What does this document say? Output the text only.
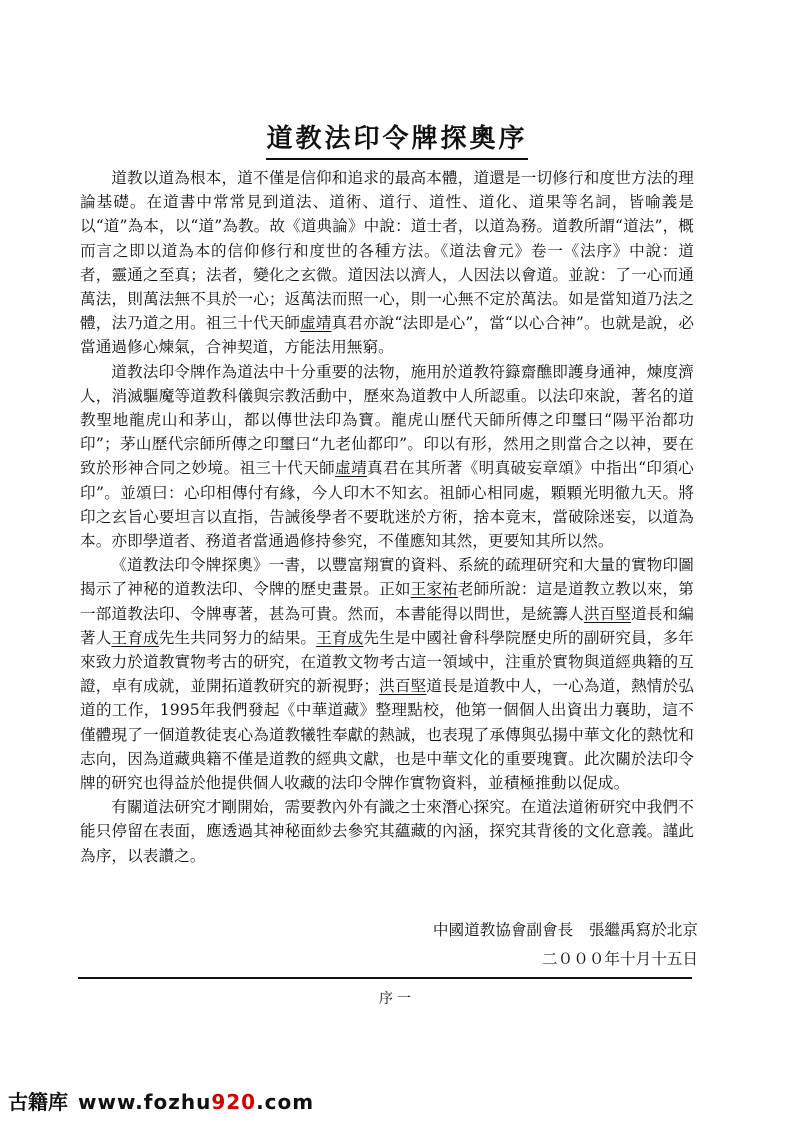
道教法印令牌探奧序

道教以道為根本，道不僅是信仰和追求的最高本體，道還是一切修行和度世方法的理論基礎。在道書中常常見到道法、道術、道行、道性、道化、道果等名詞，皆喻義是以“道”為本，以“道”為教。故《道典論》中說：道士者，以道為務。道教所謂“道法”，概而言之即以道為本的信仰修行和度世的各種方法。《道法會元》卷一《法序》中說：道者，靈通之至真；法者，變化之玄微。道因法以濟人，人因法以會道。並說：了一心而通萬法，則萬法無不具於一心；返萬法而照一心，則一心無不定於萬法。如是當知道乃法之體，法乃道之用。祖三十代天師虛靖真君亦說“法即是心”，當“以心合神”。也就是說，必當通過修心煉氣，合神契道，方能法用無窮。

道教法印令牌作為道法中十分重要的法物，施用於道教符籙齋醮即護身通神，煉度濟人，消滅驅魔等道教科儀與宗教活動中，歷來為道教中人所認重。以法印來說，著名的道教聖地龍虎山和茅山，都以傳世法印為寶。龍虎山歷代天師所傳之印璽曰“陽平治都功印”；茅山歷代宗師所傳之印璽曰“九老仙都印”。印以有形，然用之則當合之以神，要在致於形神合同之妙境。祖三十代天師虛靖真君在其所著《明真破妄章頌》中指出“印須心印”。並頌曰：心印相傳付有緣，今人印木不知玄。祖師心相同處，顆顆光明徹九天。將印之玄旨心要坦言以直指，告誡後學者不要耽迷於方術，捨本竟末，當破除迷妄，以道為本。亦即學道者、務道者當通過修持參究，不僅應知其然，更要知其所以然。

《道教法印令牌探奧》一書，以豐富翔實的資料、系統的疏理研究和大量的實物印圖揭示了神秘的道教法印、令牌的歷史畫景。正如王家祐老師所說：這是道教立教以來，第一部道教法印、令牌專著，甚為可貴。然而，本書能得以問世，是統籌人洪百堅道長和編著人王育成先生共同努力的結果。王育成先生是中國社會科學院歷史所的副研究員，多年來致力於道教實物考古的研究，在道教文物考古這一領域中，注重於實物與道經典籍的互證，卓有成就，並開拓道教研究的新視野；洪百堅道長是道教中人，一心為道，熱情於弘道的工作，1995年我們發起《中華道藏》整理點校，他第一個個人出資出力襄助，這不僅體現了一個道教徒衷心為道教犧牲奉獻的熱誠，也表現了承傳與弘揚中華文化的熱忱和志向，因為道藏典籍不僅是道教的經典文獻，也是中華文化的重要瑰寶。此次關於法印令牌的研究也得益於他提供個人收藏的法印令牌作實物資料，並積極推動以促成。

有關道法研究才剛開始，需要教內外有識之士來潛心探究。在道法道術研究中我們不能只停留在表面，應透過其神秘面紗去參究其蘊藏的內涵，探究其背後的文化意義。謹此為序，以表讚之。

中國道教協會副會長　張繼禹寫於北京
二０００年十月十五日
序一
古籍库 www.fozhu920.com
